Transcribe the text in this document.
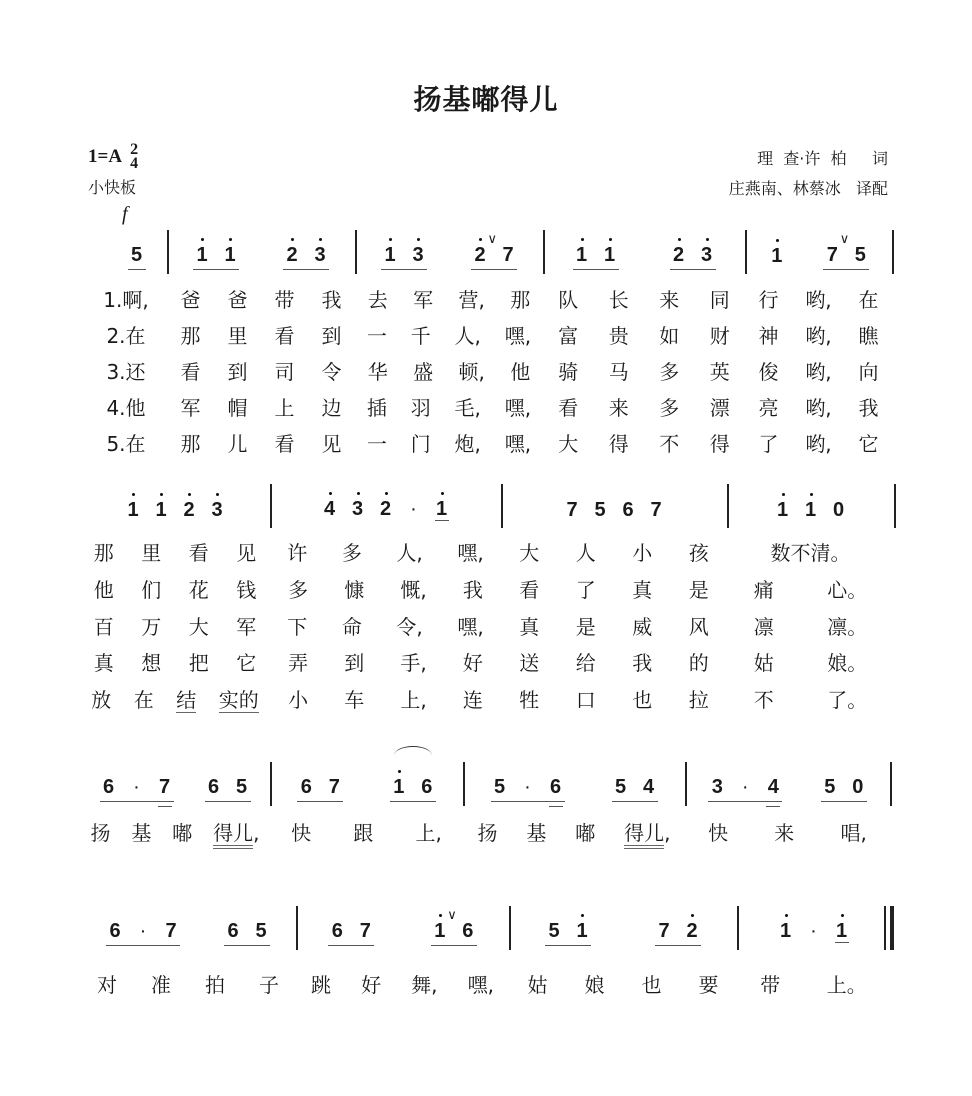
扬基嘟得儿
1=A 2
4
小快板
f
理  查·许  柏     词
庄燕南、林蔡冰   译配
5	1 1	2 3	1 3	2
∨
7	1 1	2 3	1 7
∨
5
1.啊, 爸 爸 带 我 去 军 营, 那 队 长 来 同 行 哟, 在
2.在 那 里 看 到 一 千 人, 嘿, 富 贵 如 财 神 哟, 瞧
3.还 看 到 司 令 华 盛 顿, 他 骑 马 多 英 俊 哟, 向
4.他 军 帽 上 边 插 羽 毛, 嘿, 看 来 多 漂 亮 哟, 我
5.在 那 儿 看 见 一 门 炮, 嘿, 大 得 不 得 了 哟, 它
1 1 2 3	4 3 2 · 1	7 5 6 7	1 1 0
那 里 看 见 许 多 人, 嘿, 大 人 小 孩	数不清。
他 们 花 钱 多 慷 慨, 我 看 了 真 是 痛	心。
百 万 大 军 下 命 令, 嘿, 真 是 威 风 凛	凛。
真 想 把 它 弄 到 手, 好 送 给 我 的 姑	娘。
放 在 结 实的 小 车 上, 连 牲 口 也 拉 不	了。
6 · 7 6 5	6 7	1 6	5 · 6	5 4	3 · 4 5 0
扬 基 嘟 得儿, 快 跟 上, 扬 基 嘟 得儿, 快 来 唱,
6 · 7	6 5	6 7	1
∨
6	5 1	7 2	1 · 1
对 准 拍 子 跳 好 舞, 嘿, 姑 娘 也 要 带 上。
